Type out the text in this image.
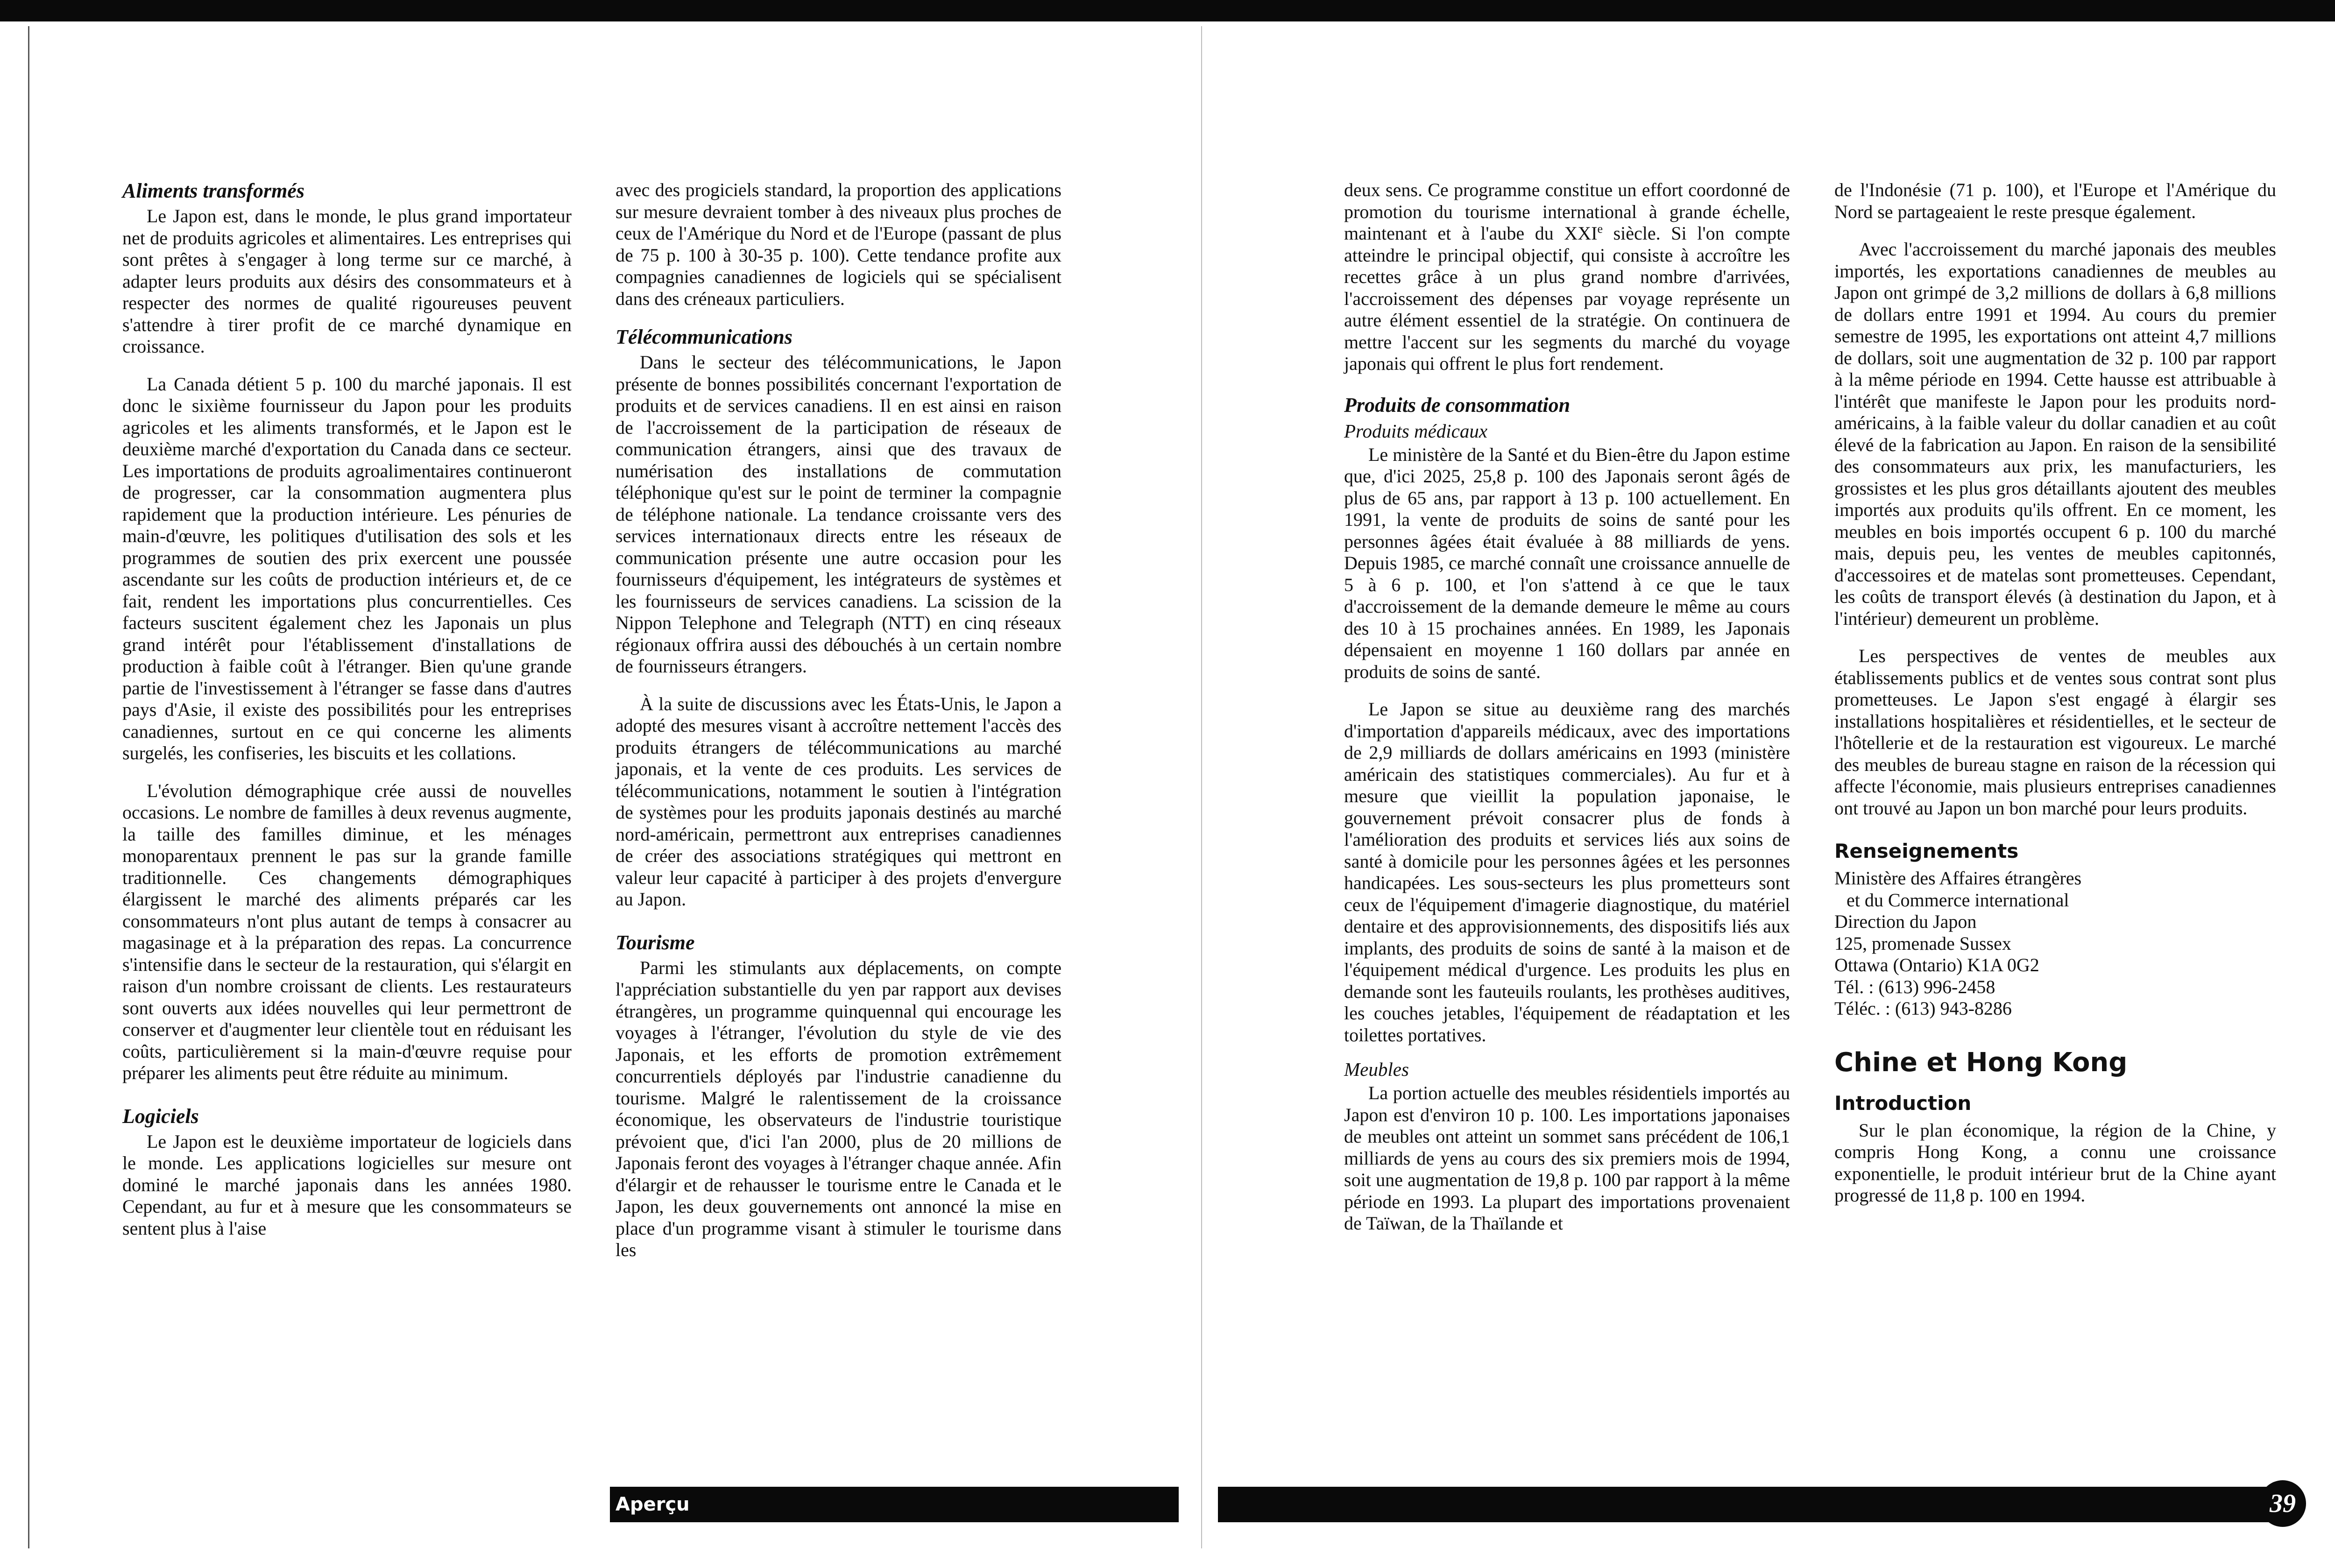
Aliments transformés

Le Japon est, dans le monde, le plus grand importateur net de produits agricoles et alimentaires. Les entreprises qui sont prêtes à s'engager à long terme sur ce marché, à adapter leurs produits aux désirs des consommateurs et à respecter des normes de qualité rigoureuses peuvent s'attendre à tirer profit de ce marché dynamique en croissance.

La Canada détient 5 p. 100 du marché japonais. Il est donc le sixième fournisseur du Japon pour les produits agricoles et les aliments transformés, et le Japon est le deuxième marché d'exportation du Canada dans ce secteur. Les importations de produits agroalimentaires continueront de progresser, car la consommation augmentera plus rapidement que la production intérieure. Les pénuries de main-d'œuvre, les politiques d'utilisation des sols et les programmes de soutien des prix exercent une poussée ascendante sur les coûts de production intérieurs et, de ce fait, rendent les importations plus concurrentielles. Ces facteurs suscitent également chez les Japonais un plus grand intérêt pour l'établissement d'installations de production à faible coût à l'étranger. Bien qu'une grande partie de l'investissement à l'étranger se fasse dans d'autres pays d'Asie, il existe des possibilités pour les entreprises canadiennes, surtout en ce qui concerne les aliments surgelés, les confiseries, les biscuits et les collations.

L'évolution démographique crée aussi de nouvelles occasions. Le nombre de familles à deux revenus augmente, la taille des familles diminue, et les ménages monoparentaux prennent le pas sur la grande famille traditionnelle. Ces changements démographiques élargissent le marché des aliments préparés car les consommateurs n'ont plus autant de temps à consacrer au magasinage et à la préparation des repas. La concurrence s'intensifie dans le secteur de la restauration, qui s'élargit en raison d'un nombre croissant de clients. Les restaurateurs sont ouverts aux idées nouvelles qui leur permettront de conserver et d'augmenter leur clientèle tout en réduisant les coûts, particulièrement si la main-d'œuvre requise pour préparer les aliments peut être réduite au minimum.

Logiciels

Le Japon est le deuxième importateur de logiciels dans le monde. Les applications logicielles sur mesure ont dominé le marché japonais dans les années 1980. Cependant, au fur et à mesure que les consommateurs se sentent plus à l'aise

avec des progiciels standard, la proportion des applications sur mesure devraient tomber à des niveaux plus proches de ceux de l'Amérique du Nord et de l'Europe (passant de plus de 75 p. 100 à 30-35 p. 100). Cette tendance profite aux compagnies canadiennes de logiciels qui se spécialisent dans des créneaux particuliers.

Télécommunications

Dans le secteur des télécommunications, le Japon présente de bonnes possibilités concernant l'exportation de produits et de services canadiens. Il en est ainsi en raison de l'accroissement de la participation de réseaux de communication étrangers, ainsi que des travaux de numérisation des installations de commutation téléphonique qu'est sur le point de terminer la compagnie de téléphone nationale. La tendance croissante vers des services internationaux directs entre les réseaux de communication présente une autre occasion pour les fournisseurs d'équipement, les intégrateurs de systèmes et les fournisseurs de services canadiens. La scission de la Nippon Telephone and Telegraph (NTT) en cinq réseaux régionaux offrira aussi des débouchés à un certain nombre de fournisseurs étrangers.

À la suite de discussions avec les États-Unis, le Japon a adopté des mesures visant à accroître nettement l'accès des produits étrangers de télécommunications au marché japonais, et la vente de ces produits. Les services de télécommunications, notamment le soutien à l'intégration de systèmes pour les produits japonais destinés au marché nord-américain, permettront aux entreprises canadiennes de créer des associations stratégiques qui mettront en valeur leur capacité à participer à des projets d'envergure au Japon.

Tourisme

Parmi les stimulants aux déplacements, on compte l'appréciation substantielle du yen par rapport aux devises étrangères, un programme quinquennal qui encourage les voyages à l'étranger, l'évolution du style de vie des Japonais, et les efforts de promotion extrêmement concurrentiels déployés par l'industrie canadienne du tourisme. Malgré le ralentissement de la croissance économique, les observateurs de l'industrie touristique prévoient que, d'ici l'an 2000, plus de 20 millions de Japonais feront des voyages à l'étranger chaque année. Afin d'élargir et de rehausser le tourisme entre le Canada et le Japon, les deux gouvernements ont annoncé la mise en place d'un programme visant à stimuler le tourisme dans les

deux sens. Ce programme constitue un effort coordonné de promotion du tourisme international à grande échelle, maintenant et à l'aube du XXIe siècle. Si l'on compte atteindre le principal objectif, qui consiste à accroître les recettes grâce à un plus grand nombre d'arrivées, l'accroissement des dépenses par voyage représente un autre élément essentiel de la stratégie. On continuera de mettre l'accent sur les segments du marché du voyage japonais qui offrent le plus fort rendement.

Produits de consommation
Produits médicaux

Le ministère de la Santé et du Bien-être du Japon estime que, d'ici 2025, 25,8 p. 100 des Japonais seront âgés de plus de 65 ans, par rapport à 13 p. 100 actuellement. En 1991, la vente de produits de soins de santé pour les personnes âgées était évaluée à 88 milliards de yens. Depuis 1985, ce marché connaît une croissance annuelle de 5 à 6 p. 100, et l'on s'attend à ce que le taux d'accroissement de la demande demeure le même au cours des 10 à 15 prochaines années. En 1989, les Japonais dépensaient en moyenne 1 160 dollars par année en produits de soins de santé.

Le Japon se situe au deuxième rang des marchés d'importation d'appareils médicaux, avec des importations de 2,9 milliards de dollars américains en 1993 (ministère américain des statistiques commerciales). Au fur et à mesure que vieillit la population japonaise, le gouvernement prévoit consacrer plus de fonds à l'amélioration des produits et services liés aux soins de santé à domicile pour les personnes âgées et les personnes handicapées. Les sous-secteurs les plus prometteurs sont ceux de l'équipement d'imagerie diagnostique, du matériel dentaire et des approvisionnements, des dispositifs liés aux implants, des produits de soins de santé à la maison et de l'équipement médical d'urgence. Les produits les plus en demande sont les fauteuils roulants, les prothèses auditives, les couches jetables, l'équipement de réadaptation et les toilettes portatives.

Meubles

La portion actuelle des meubles résidentiels importés au Japon est d'environ 10 p. 100. Les importations japonaises de meubles ont atteint un sommet sans précédent de 106,1 milliards de yens au cours des six premiers mois de 1994, soit une augmentation de 19,8 p. 100 par rapport à la même période en 1993. La plupart des importations provenaient de Taïwan, de la Thaïlande et

de l'Indonésie (71 p. 100), et l'Europe et l'Amérique du Nord se partageaient le reste presque également.

Avec l'accroissement du marché japonais des meubles importés, les exportations canadiennes de meubles au Japon ont grimpé de 3,2 millions de dollars à 6,8 millions de dollars entre 1991 et 1994. Au cours du premier semestre de 1995, les exportations ont atteint 4,7 millions de dollars, soit une augmentation de 32 p. 100 par rapport à la même période en 1994. Cette hausse est attribuable à l'intérêt que manifeste le Japon pour les produits nord-américains, à la faible valeur du dollar canadien et au coût élevé de la fabrication au Japon. En raison de la sensibilité des consommateurs aux prix, les manufacturiers, les grossistes et les plus gros détaillants ajoutent des meubles importés aux produits qu'ils offrent. En ce moment, les meubles en bois importés occupent 6 p. 100 du marché mais, depuis peu, les ventes de meubles capitonnés, d'accessoires et de matelas sont prometteuses. Cependant, les coûts de transport élevés (à destination du Japon, et à l'intérieur) demeurent un problème.

Les perspectives de ventes de meubles aux établissements publics et de ventes sous contrat sont plus prometteuses. Le Japon s'est engagé à élargir ses installations hospitalières et résidentielles, et le secteur de l'hôtellerie et de la restauration est vigoureux. Le marché des meubles de bureau stagne en raison de la récession qui affecte l'économie, mais plusieurs entreprises canadiennes ont trouvé au Japon un bon marché pour leurs produits.

Renseignements
Ministère des Affaires étrangères
et du Commerce international
Direction du Japon
125, promenade Sussex
Ottawa (Ontario) K1A 0G2
Tél. : (613) 996-2458
Téléc. : (613) 943-8286
Chine et Hong Kong
Introduction

Sur le plan économique, la région de la Chine, y compris Hong Kong, a connu une croissance exponentielle, le produit intérieur brut de la Chine ayant progressé de 11,8 p. 100 en 1994.

Aperçu	39
